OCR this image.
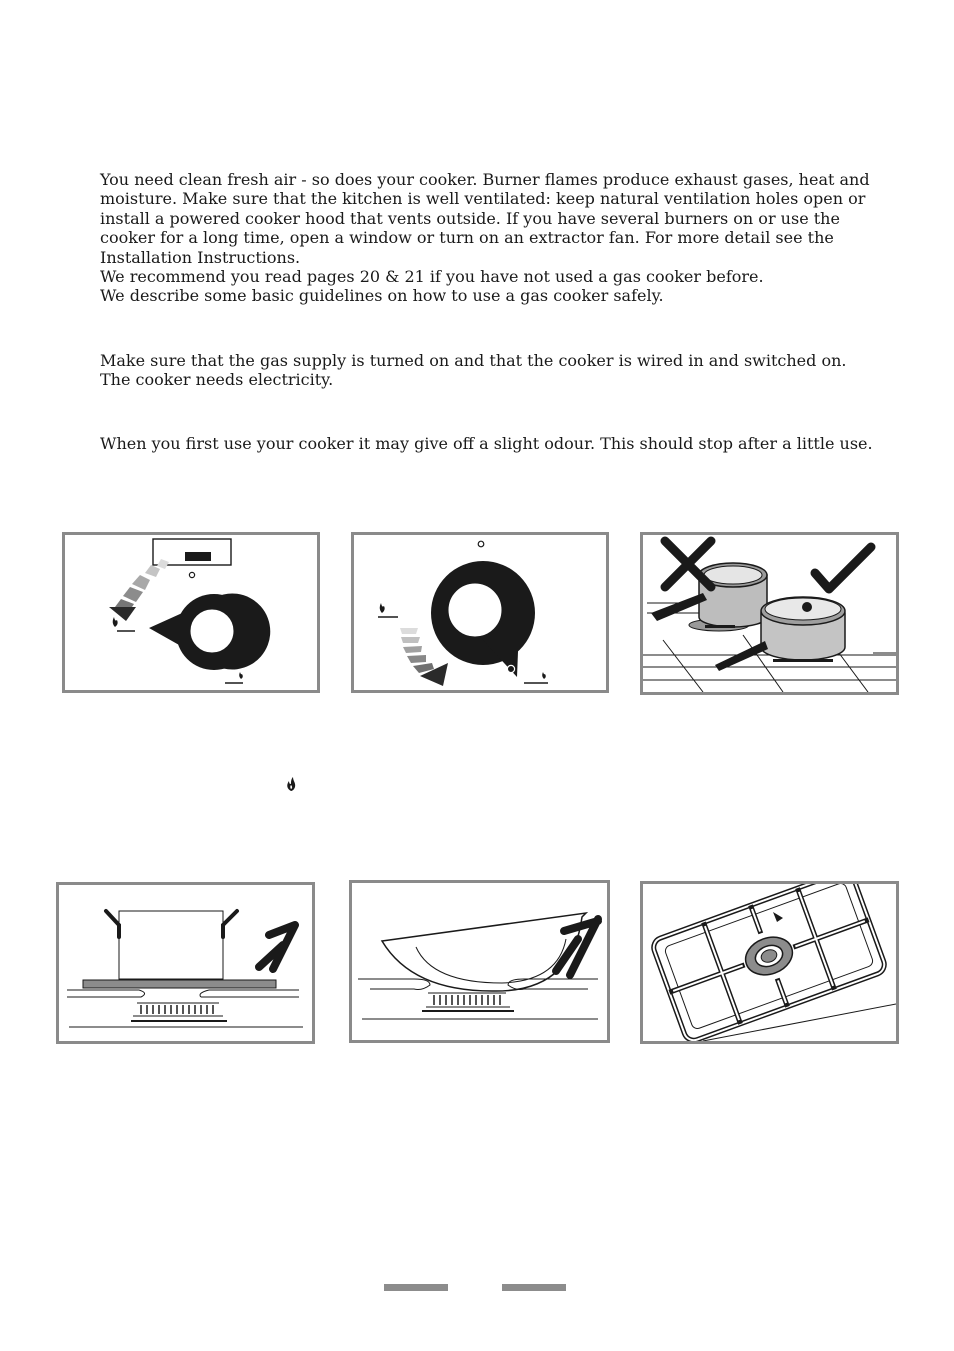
You need clean fresh air - so does your cooker. Burner flames produce exhaust gases, heat and moisture. Make sure that the kitchen is well ventilated: keep natural ventilation holes open or install a powered cooker hood that vents outside. If you have several burners on or use the cooker for a long time, open a window or turn on an extractor fan. For more detail see the Installation Instructions.

We recommend you read pages 20 & 21 if you have not used a gas cooker before.

We describe some basic guidelines on how to use a gas cooker safely.

Make sure that the gas supply is turned on and that the cooker is wired in and switched on.

The cooker needs electricity.

When you first use your cooker it may give off a slight odour. This should stop after a little use.
